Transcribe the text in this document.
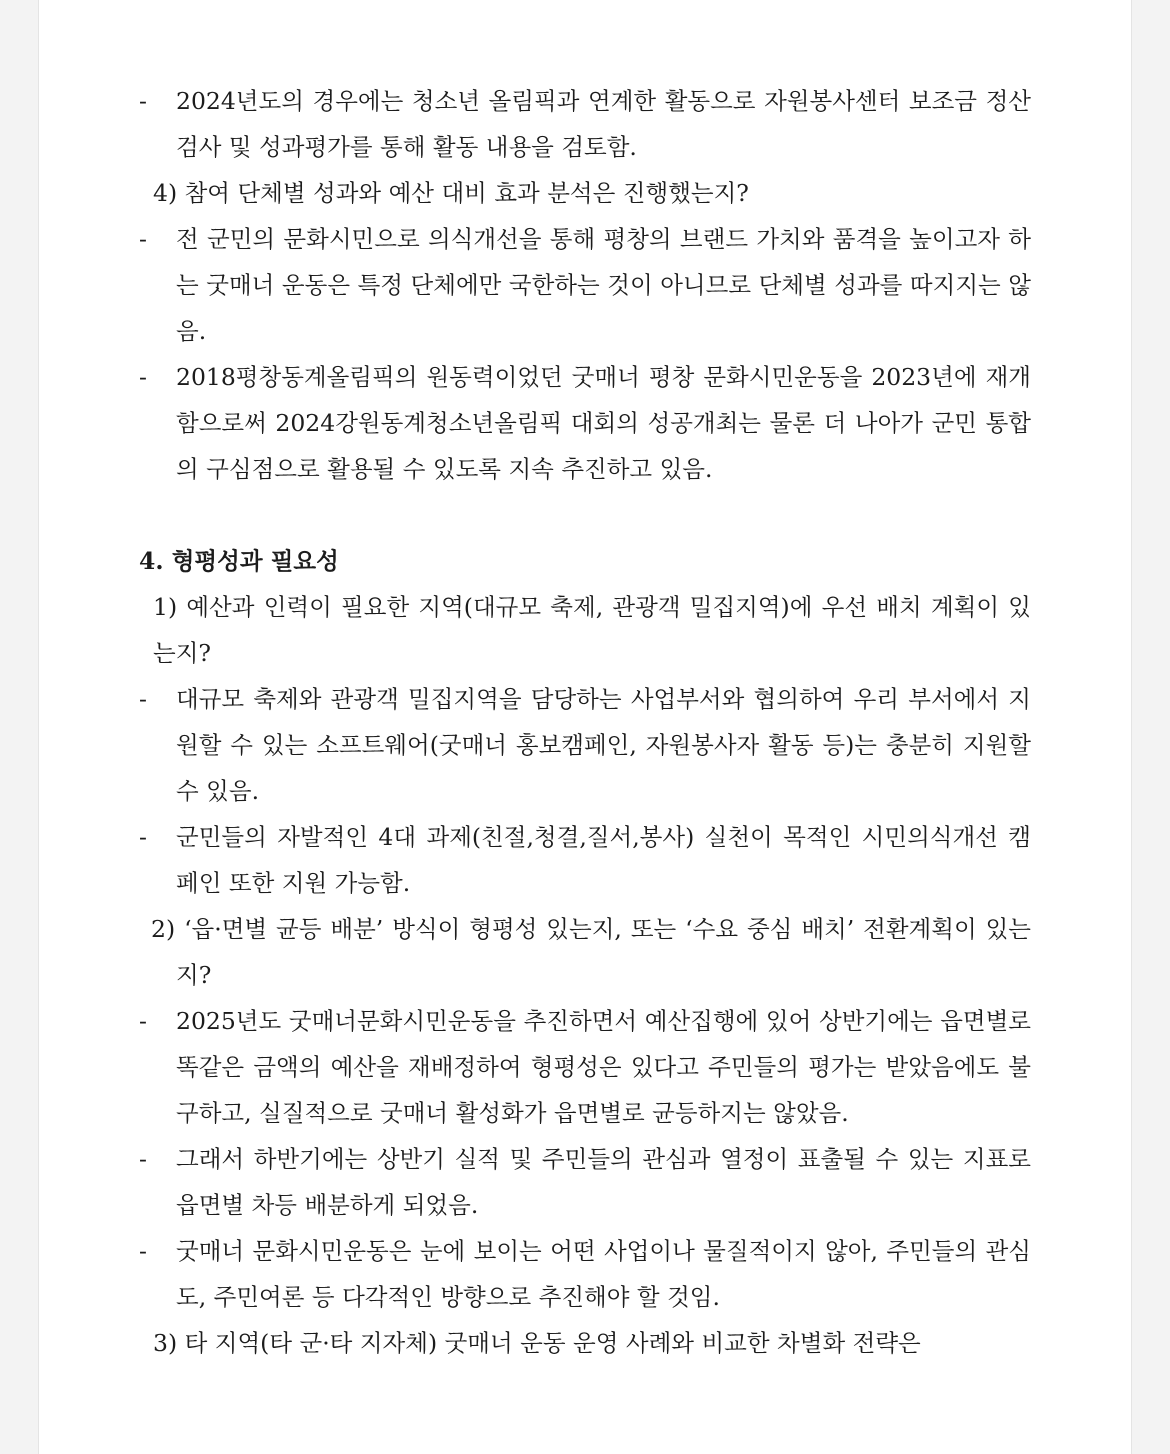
- 2024년도의 경우에는 청소년 올림픽과 연계한 활동으로 자원봉사센터 보조금 정산검사 및 성과평가를 통해 활동 내용을 검토함.
4) 참여 단체별 성과와 예산 대비 효과 분석은 진행했는지?
- 전 군민의 문화시민으로 의식개선을 통해 평창의 브랜드 가치와 품격을 높이고자 하는 굿매너 운동은 특정 단체에만 국한하는 것이 아니므로 단체별 성과를 따지지는 않음.
- 2018평창동계올림픽의 원동력이었던 굿매너 평창 문화시민운동을 2023년에 재개함으로써 2024강원동계청소년올림픽 대회의 성공개최는 물론 더 나아가 군민 통합의 구심점으로 활용될 수 있도록 지속 추진하고 있음.
4. 형평성과 필요성
1) 예산과 인력이 필요한 지역(대규모 축제, 관광객 밀집지역)에 우선 배치 계획이 있는지?
- 대규모 축제와 관광객 밀집지역을 담당하는 사업부서와 협의하여 우리 부서에서 지원할 수 있는 소프트웨어(굿매너 홍보캠페인, 자원봉사자 활동 등)는 충분히 지원할 수 있음.
- 군민들의 자발적인 4대 과제(친절,청결,질서,봉사) 실천이 목적인 시민의식개선 캠페인 또한 지원 가능함.
2) ‘읍·면별 균등 배분’ 방식이 형평성 있는지, 또는 ‘수요 중심 배치’ 전환계획이 있는지?
- 2025년도 굿매너문화시민운동을 추진하면서 예산집행에 있어 상반기에는 읍면별로 똑같은 금액의 예산을 재배정하여 형평성은 있다고 주민들의 평가는 받았음에도 불구하고, 실질적으로 굿매너 활성화가 읍면별로 균등하지는 않았음.
- 그래서 하반기에는 상반기 실적 및 주민들의 관심과 열정이 표출될 수 있는 지표로 읍면별 차등 배분하게 되었음.
- 굿매너 문화시민운동은 눈에 보이는 어떤 사업이나 물질적이지 않아, 주민들의 관심도, 주민여론 등 다각적인 방향으로 추진해야 할 것임.
3) 타 지역(타 군·타 지자체) 굿매너 운동 운영 사례와 비교한 차별화 전략은
